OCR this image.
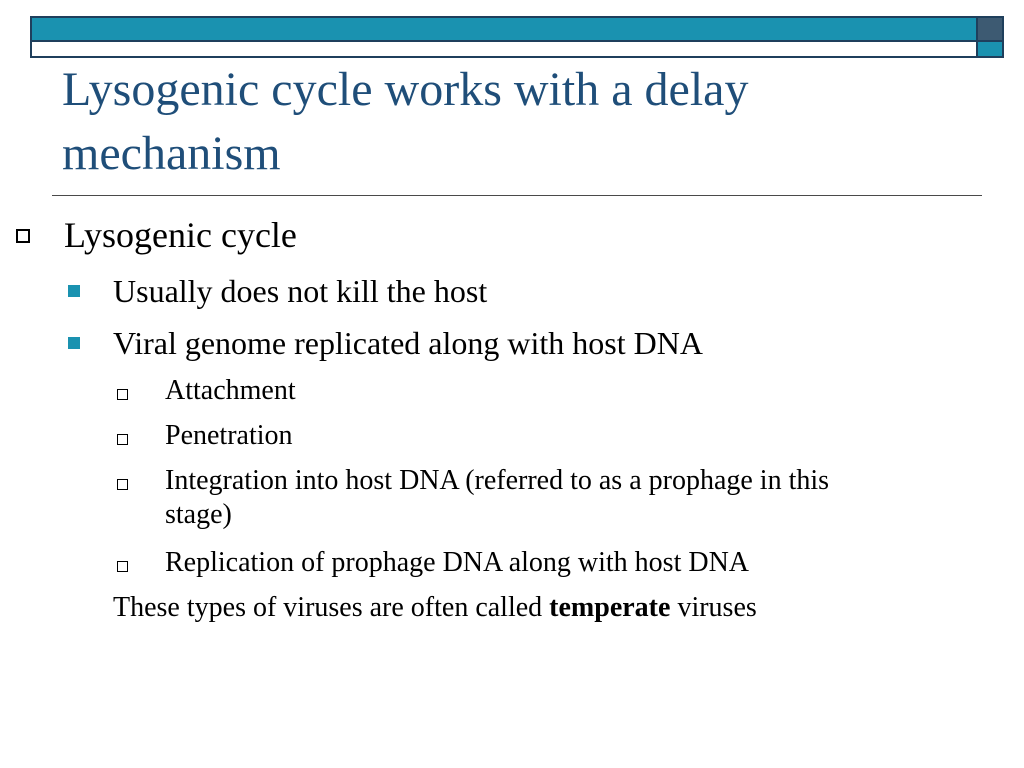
Lysogenic cycle works with a delay mechanism
Lysogenic cycle
Usually does not kill the host
Viral genome replicated along with host DNA
Attachment
Penetration
Integration into host DNA (referred to as a prophage in this stage)
Replication of prophage DNA along with host DNA
These types of viruses are often called temperate viruses
